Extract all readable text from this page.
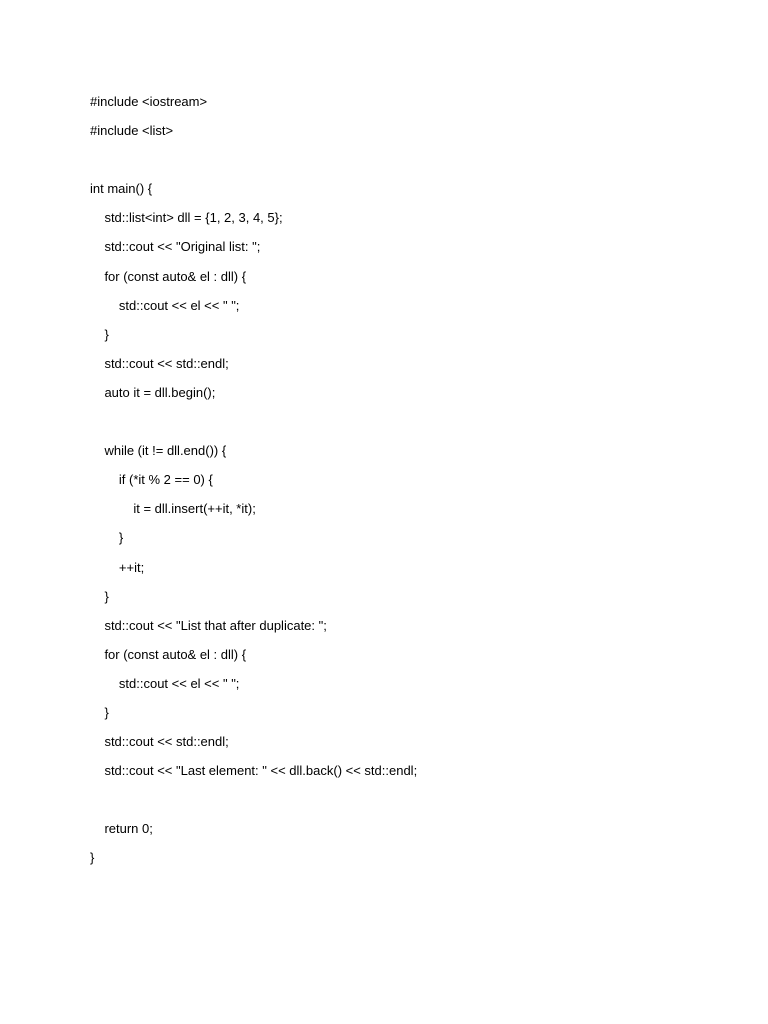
#include <iostream>
#include <list>
int main() {
std::list<int> dll = {1, 2, 3, 4, 5};
std::cout << "Original list: ";
for (const auto& el : dll) {
std::cout << el << " ";
}
std::cout << std::endl;
auto it = dll.begin();
while (it != dll.end()) {
if (*it % 2 == 0) {
it = dll.insert(++it, *it);
}
++it;
}
std::cout << "List that after duplicate: ";
for (const auto& el : dll) {
std::cout << el << " ";
}
std::cout << std::endl;
std::cout << "Last element: " << dll.back() << std::endl;
return 0;
}
